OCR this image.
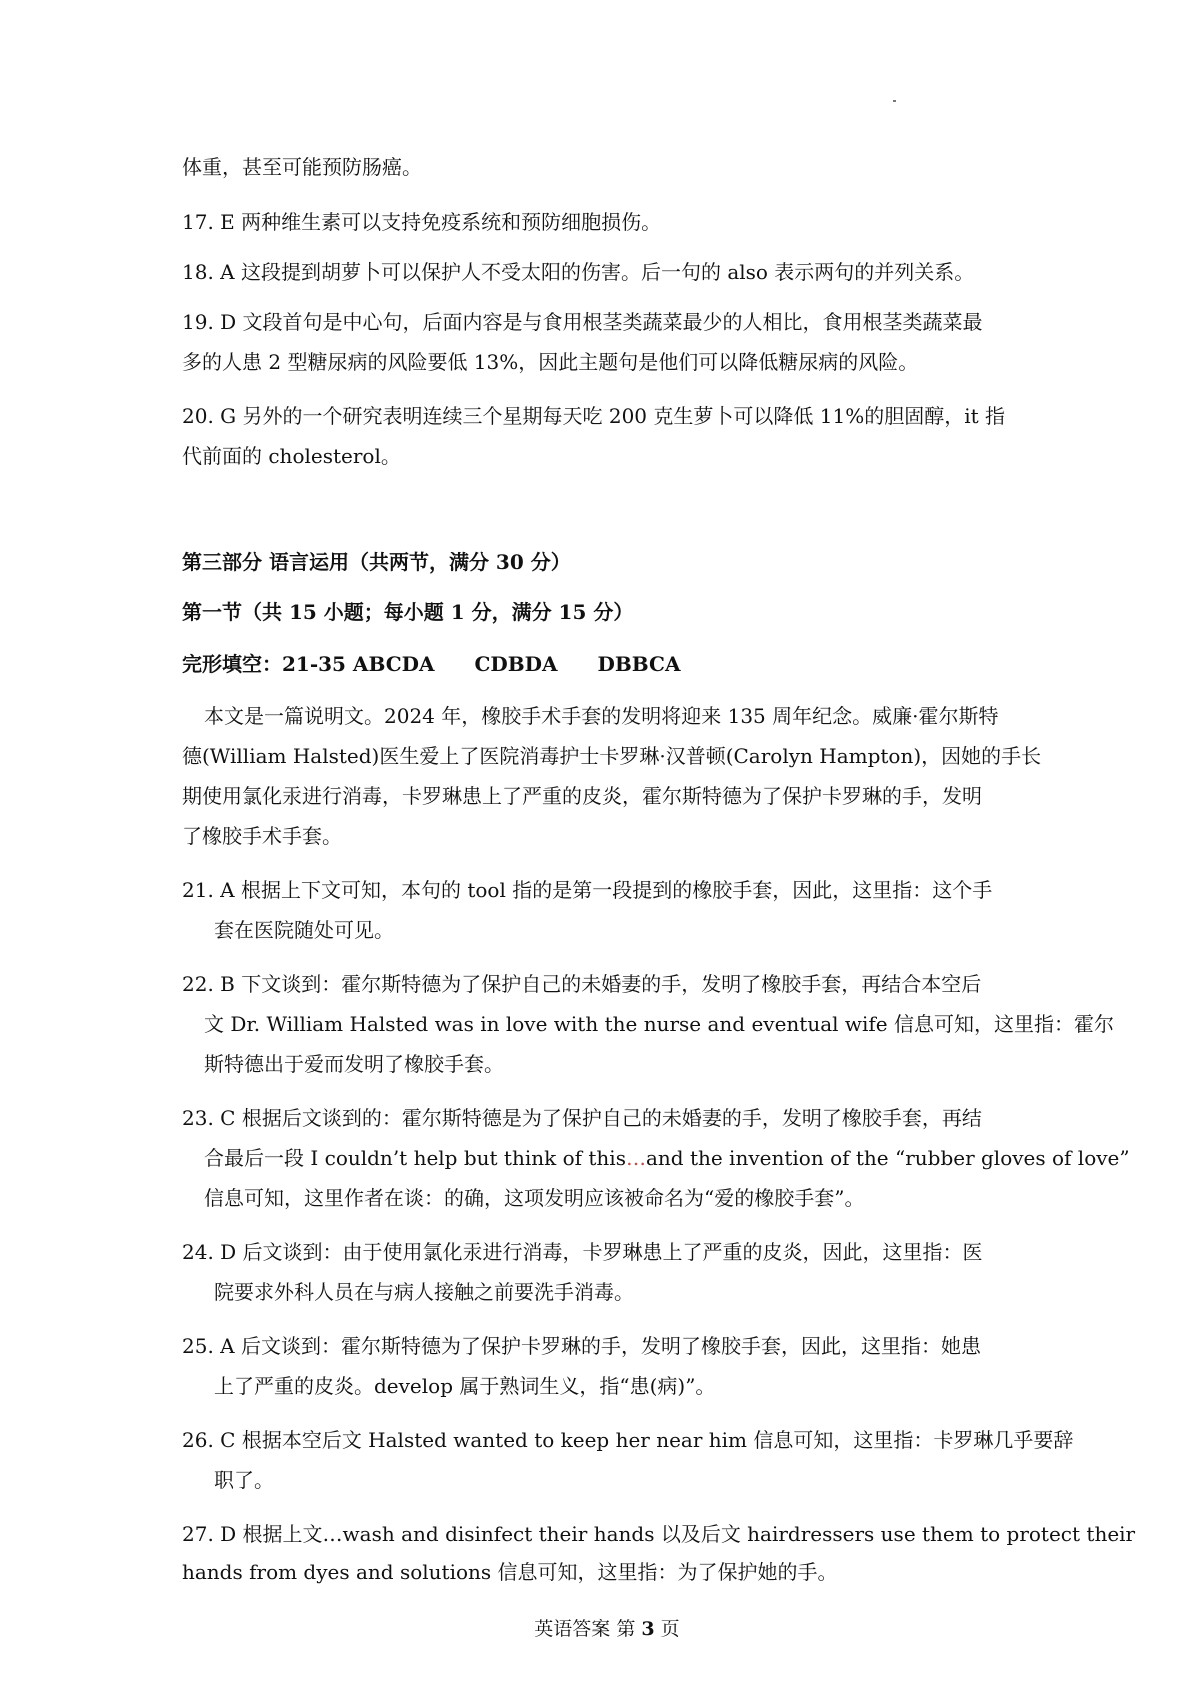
体重，甚至可能预防肠癌。
17. E 两种维生素可以支持免疫系统和预防细胞损伤。
18. A 这段提到胡萝卜可以保护人不受太阳的伤害。后一句的 also 表示两句的并列关系。
19. D 文段首句是中心句，后面内容是与食用根茎类蔬菜最少的人相比，食用根茎类蔬菜最
多的人患 2 型糖尿病的风险要低 13%，因此主题句是他们可以降低糖尿病的风险。
20. G 另外的一个研究表明连续三个星期每天吃 200 克生萝卜可以降低 11%的胆固醇，it 指
代前面的 cholesterol。
第三部分 语言运用（共两节，满分 30 分）
第一节（共 15 小题；每小题 1 分，满分 15 分）
完形填空：21-35 ABCDA CDBDA DBBCA
本文是一篇说明文。2024 年，橡胶手术手套的发明将迎来 135 周年纪念。威廉·霍尔斯特
德(William Halsted)医生爱上了医院消毒护士卡罗琳·汉普顿(Carolyn Hampton)，因她的手长
期使用氯化汞进行消毒，卡罗琳患上了严重的皮炎，霍尔斯特德为了保护卡罗琳的手，发明
了橡胶手术手套。
21. A 根据上下文可知，本句的 tool 指的是第一段提到的橡胶手套，因此，这里指：这个手
套在医院随处可见。
22. B 下文谈到：霍尔斯特德为了保护自己的未婚妻的手，发明了橡胶手套，再结合本空后
文 Dr. William Halsted was in love with the nurse and eventual wife 信息可知，这里指：霍尔
斯特德出于爱而发明了橡胶手套。
23. C 根据后文谈到的：霍尔斯特德是为了保护自己的未婚妻的手，发明了橡胶手套，再结
合最后一段 I couldn’t help but think of this…and the invention of the “rubber gloves of love”
信息可知，这里作者在谈：的确，这项发明应该被命名为“爱的橡胶手套”。
24. D 后文谈到：由于使用氯化汞进行消毒，卡罗琳患上了严重的皮炎，因此，这里指：医
院要求外科人员在与病人接触之前要洗手消毒。
25. A 后文谈到：霍尔斯特德为了保护卡罗琳的手，发明了橡胶手套，因此，这里指：她患
上了严重的皮炎。develop 属于熟词生义，指“患(病)”。
26. C 根据本空后文 Halsted wanted to keep her near him 信息可知，这里指：卡罗琳几乎要辞
职了。
27. D 根据上文…wash and disinfect their hands 以及后文 hairdressers use them to protect their
hands from dyes and solutions 信息可知，这里指：为了保护她的手。
英语答案 第 3 页
